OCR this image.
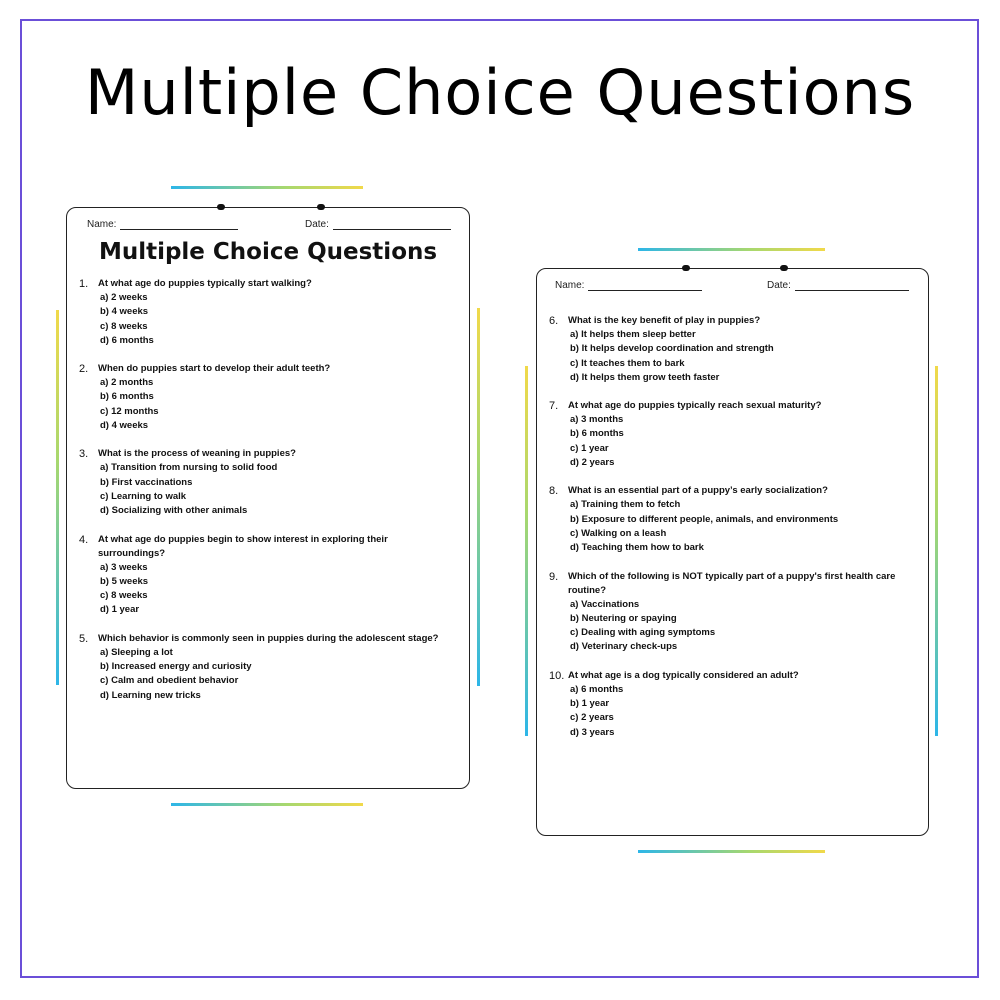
Multiple Choice Questions
Name:	Date:
Multiple Choice Questions
1. At what age do puppies typically start walking?
a) 2 weeks
b) 4 weeks
c) 8 weeks
d) 6 months
2. When do puppies start to develop their adult teeth?
a) 2 months
b) 6 months
c) 12 months
d) 4 weeks
3. What is the process of weaning in puppies?
a) Transition from nursing to solid food
b) First vaccinations
c) Learning to walk
d) Socializing with other animals
4. At what age do puppies begin to show interest in exploring their surroundings?
a) 3 weeks
b) 5 weeks
c) 8 weeks
d) 1 year
5. Which behavior is commonly seen in puppies during the adolescent stage?
a) Sleeping a lot
b) Increased energy and curiosity
c) Calm and obedient behavior
d) Learning new tricks
Name:	Date:
6. What is the key benefit of play in puppies?
a) It helps them sleep better
b) It helps develop coordination and strength
c) It teaches them to bark
d) It helps them grow teeth faster
7. At what age do puppies typically reach sexual maturity?
a) 3 months
b) 6 months
c) 1 year
d) 2 years
8. What is an essential part of a puppy’s early socialization?
a) Training them to fetch
b) Exposure to different people, animals, and environments
c) Walking on a leash
d) Teaching them how to bark
9. Which of the following is NOT typically part of a puppy's first health care routine?
a) Vaccinations
b) Neutering or spaying
c) Dealing with aging symptoms
d) Veterinary check-ups
10. At what age is a dog typically considered an adult?
a) 6 months
b) 1 year
c) 2 years
d) 3 years
